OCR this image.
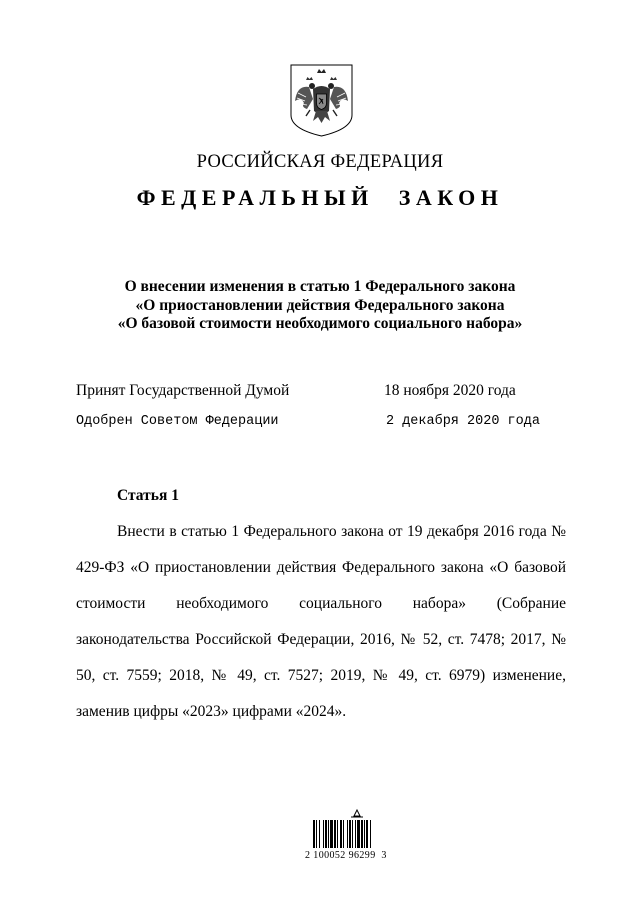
РОССИЙСКАЯ ФЕДЕРАЦИЯ
ФЕДЕРАЛЬНЫЙ ЗАКОН
О внесении изменения в статью 1 Федерального закона
«О приостановлении действия Федерального закона
«О базовой стоимости необходимого социального набора»
Принят Государственной Думой	18 ноября 2020 года
Одобрен Советом Федерации	2 декабря 2020 года
Статья 1

Внести в статью 1 Федерального закона от 19 декабря 2016 года № 429-ФЗ «О приостановлении действия Федерального закона «О базовой стоимости необходимого социального набора» (Собрание законодательства Российской Федерации, 2016, № 52, ст. 7478; 2017, № 50, ст. 7559; 2018, № 49, ст. 7527; 2019, № 49, ст. 6979) изменение, заменив цифры «2023» цифрами «2024».

2 100052 96299  3
